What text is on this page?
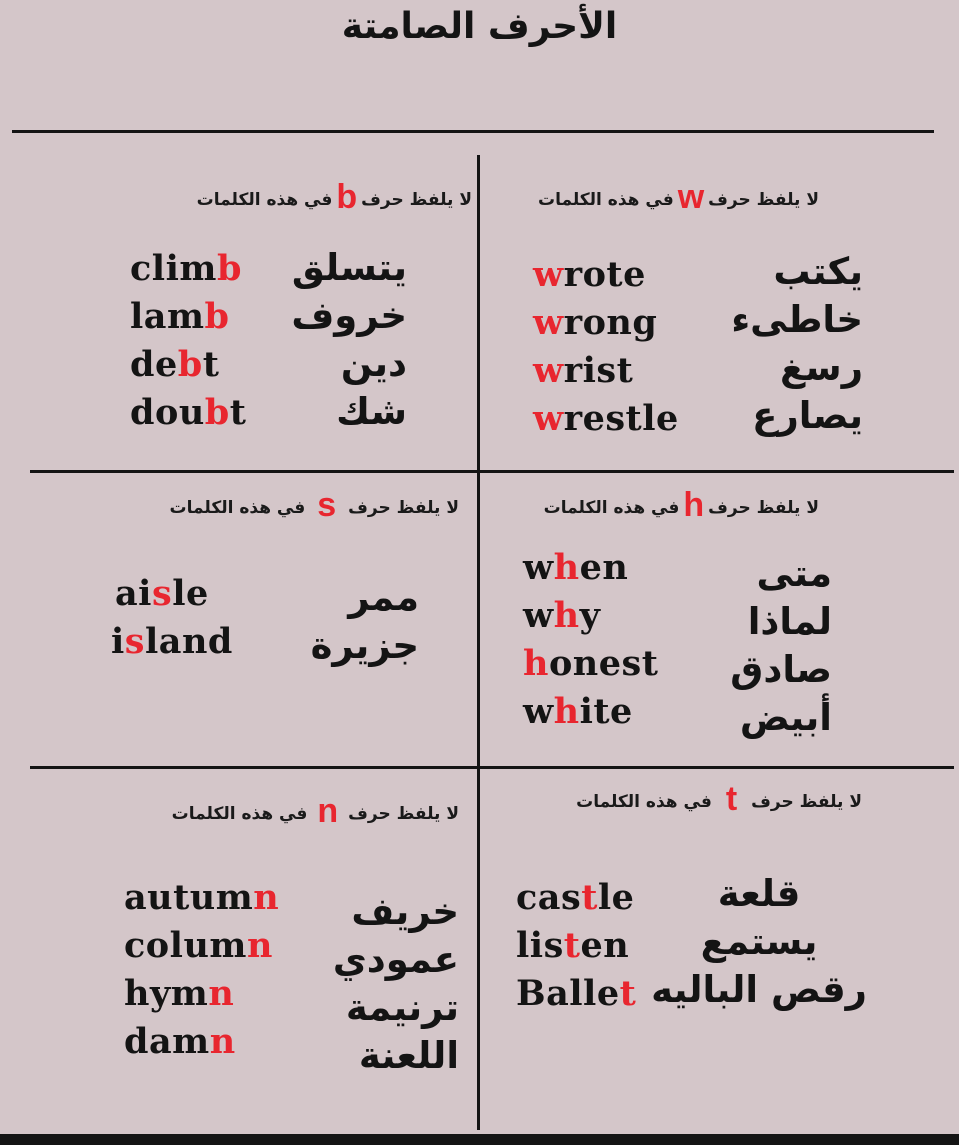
الأحرف الصامتة
لا يلفظ حرفwفي هذه الكلمات
wrote
wrong
wrist
wrestle
يكتب
خاطىء
رسغ
يصارع
لا يلفظ حرفbفي هذه الكلمات
climb
lamb
debt
doubt
يتسلق
خروف
دين
شك
لا يلفظ حرفhفي هذه الكلمات
when
why
honest
white
متى
لماذا
صادق
أبيض
لا يلفظ حرفsفي هذه الكلمات
aisle
island
ممر
جزيرة
لا يلفظ حرفtفي هذه الكلمات
castle
listen
Ballet
قلعة
يستمع
رقص الباليه
لا يلفظ حرفnفي هذه الكلمات
autumn
column
hymn
damn
خريف
عمودي
ترنيمة
اللعنة
